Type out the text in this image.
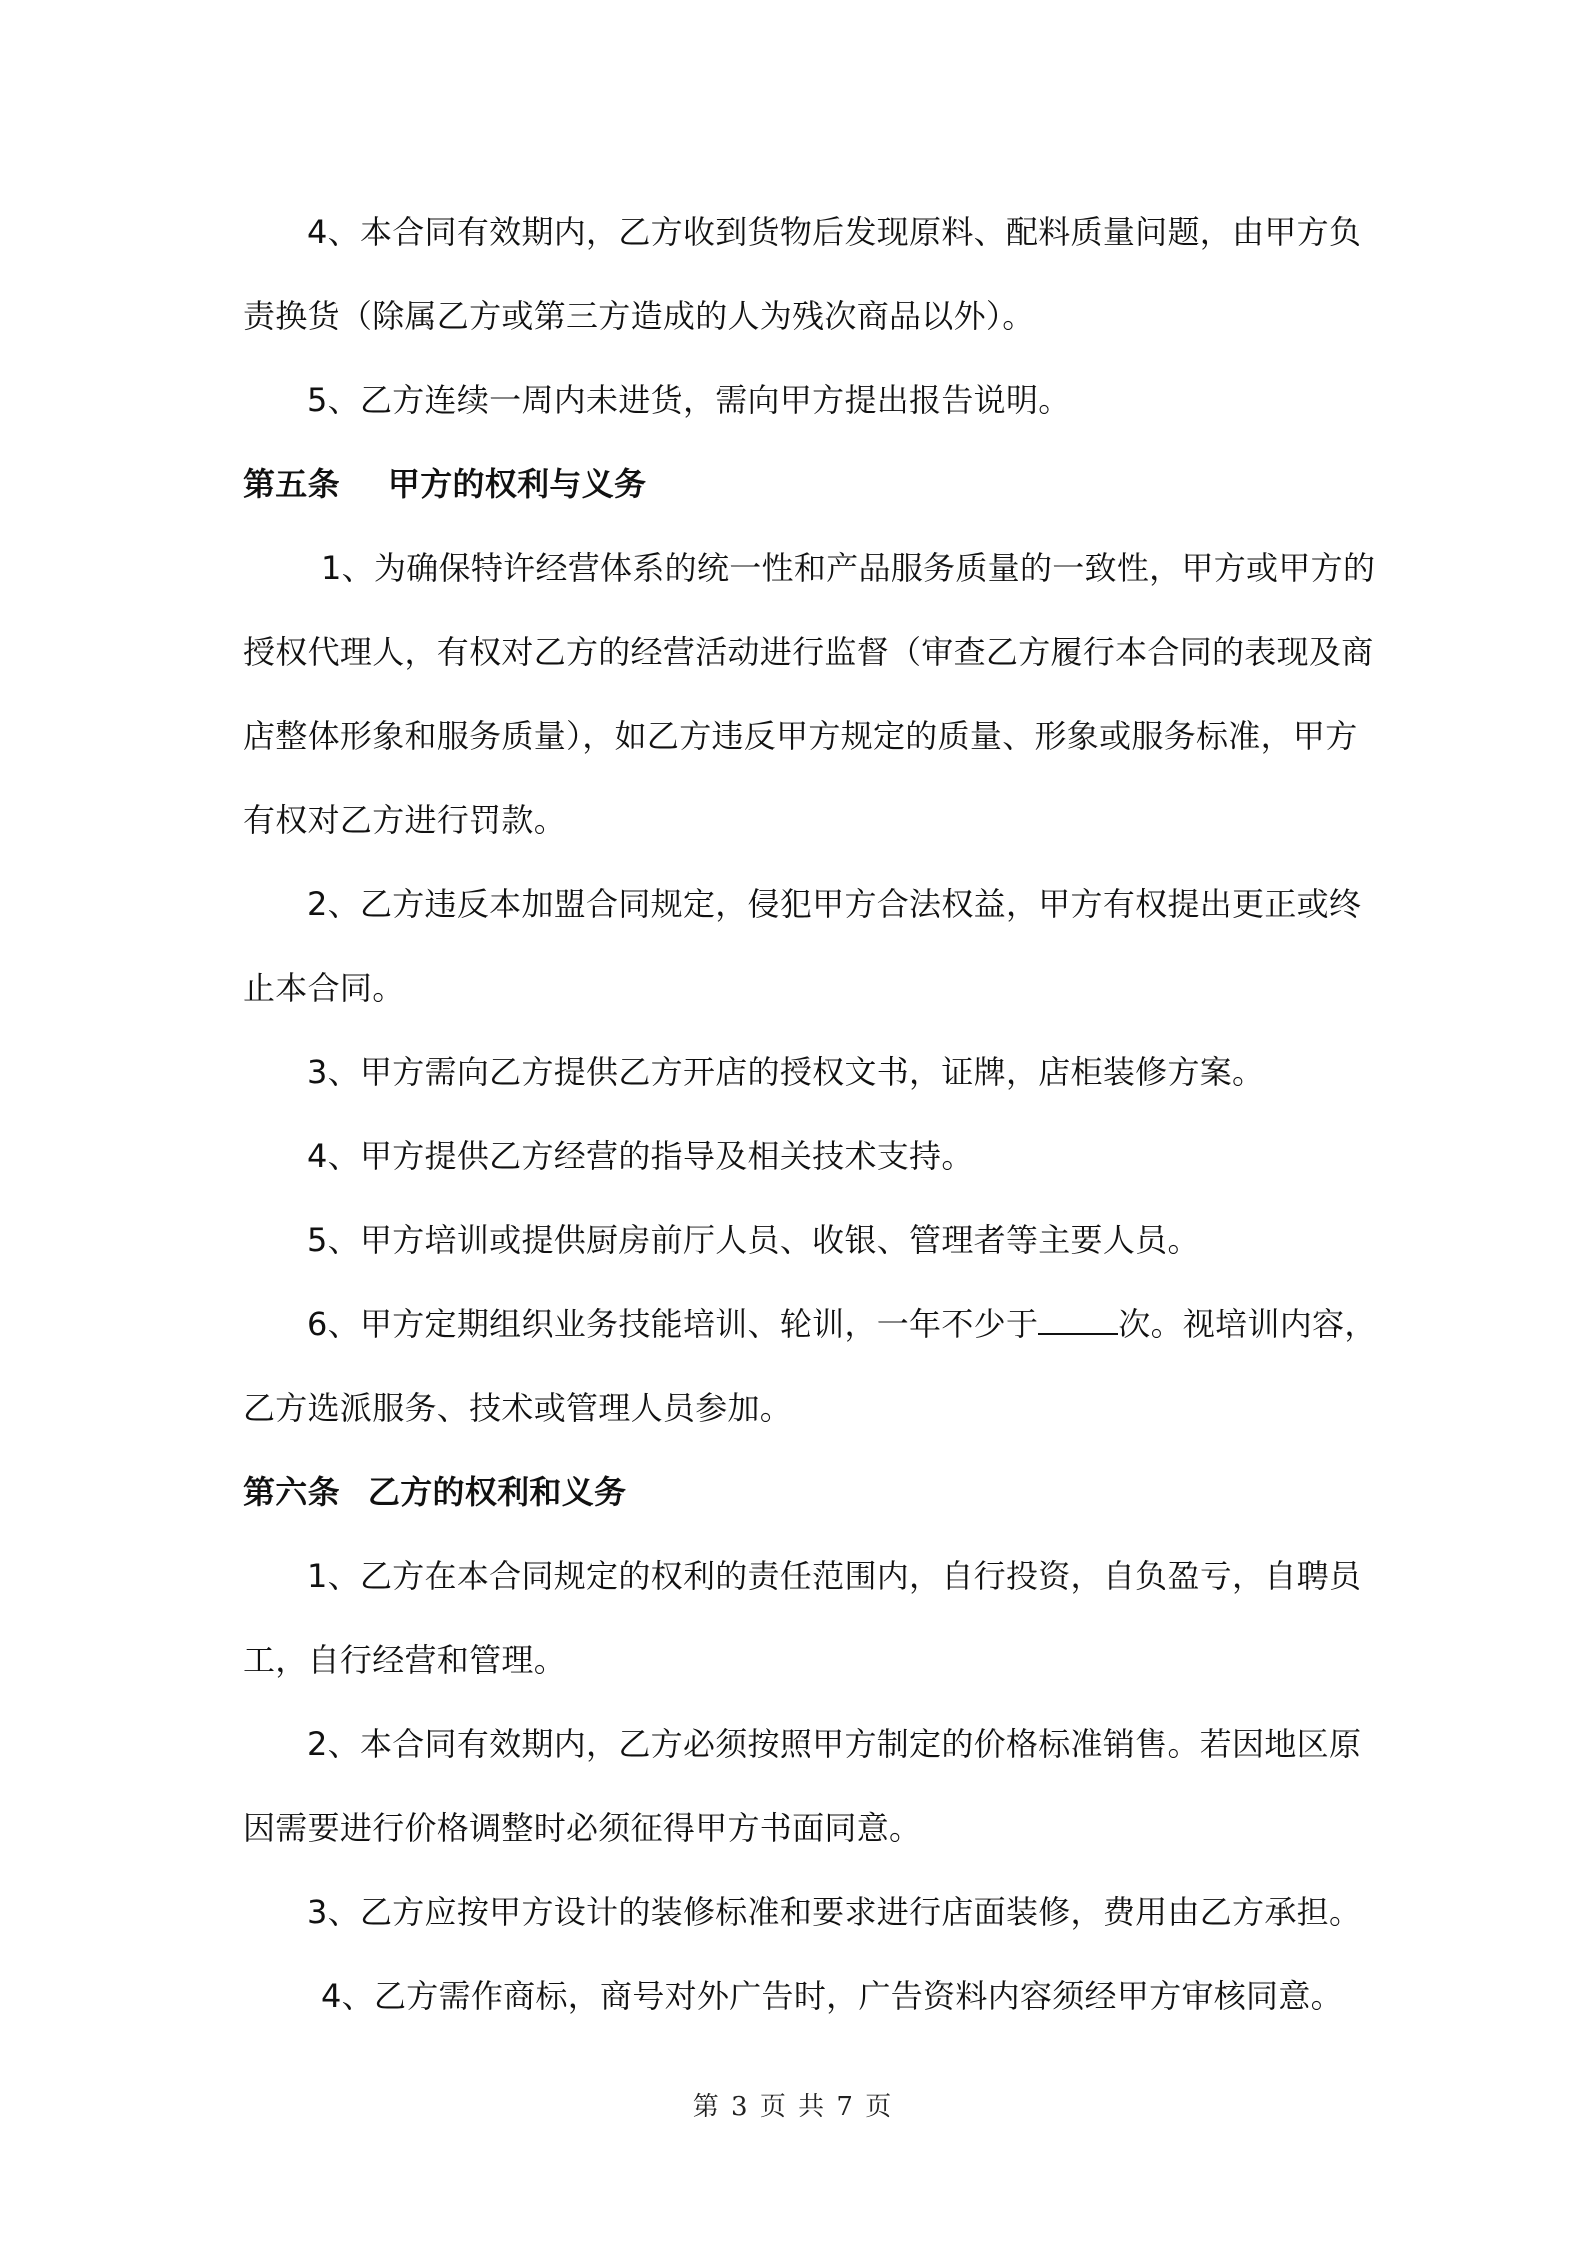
4、本合同有效期内，乙方收到货物后发现原料、配料质量问题，由甲方负
责换货（除属乙方或第三方造成的人为残次商品以外）。
5、乙方连续一周内未进货，需向甲方提出报告说明。
第五条 甲方的权利与义务
1、为确保特许经营体系的统一性和产品服务质量的一致性，甲方或甲方的
授权代理人，有权对乙方的经营活动进行监督（审查乙方履行本合同的表现及商
店整体形象和服务质量），如乙方违反甲方规定的质量、形象或服务标准，甲方
有权对乙方进行罚款。
2、乙方违反本加盟合同规定，侵犯甲方合法权益，甲方有权提出更正或终
止本合同。
3、甲方需向乙方提供乙方开店的授权文书，证牌，店柜装修方案。
4、甲方提供乙方经营的指导及相关技术支持。
5、甲方培训或提供厨房前厅人员、收银、管理者等主要人员。
6、甲方定期组织业务技能培训、轮训，一年不少于	次。视培训内容，
乙方选派服务、技术或管理人员参加。
第六条 乙方的权利和义务
1、乙方在本合同规定的权利的责任范围内，自行投资，自负盈亏，自聘员
工，自行经营和管理。
2、本合同有效期内，乙方必须按照甲方制定的价格标准销售。若因地区原
因需要进行价格调整时必须征得甲方书面同意。
3、乙方应按甲方设计的装修标准和要求进行店面装修，费用由乙方承担。
4、乙方需作商标，商号对外广告时，广告资料内容须经甲方审核同意。
第 3 页 共 7 页
